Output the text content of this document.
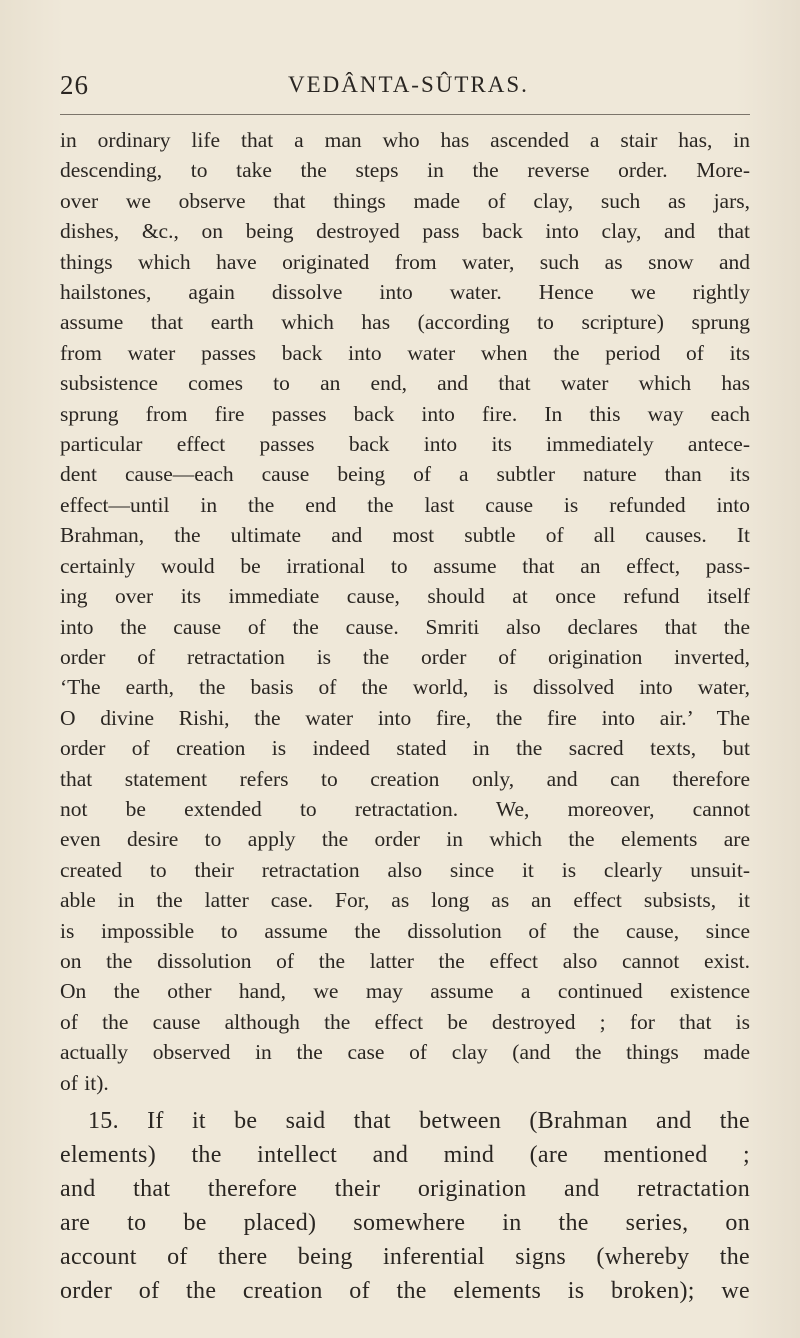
26	VEDÂNTA-SÛTRAS.

in ordinary life that a man who has ascended a stair has, in
descending, to take the steps in the reverse order. More-
over we observe that things made of clay, such as jars,
dishes, &c., on being destroyed pass back into clay, and that
things which have originated from water, such as snow and
hailstones, again dissolve into water. Hence we rightly
assume that earth which has (according to scripture) sprung
from water passes back into water when the period of its
subsistence comes to an end, and that water which has
sprung from fire passes back into fire. In this way each
particular effect passes back into its immediately antece-
dent cause—each cause being of a subtler nature than its
effect—until in the end the last cause is refunded into
Brahman, the ultimate and most subtle of all causes. It
certainly would be irrational to assume that an effect, pass-
ing over its immediate cause, should at once refund itself
into the cause of the cause. Smriti also declares that the
order of retractation is the order of origination inverted,
‘The earth, the basis of the world, is dissolved into water,
O divine Rishi, the water into fire, the fire into air.’ The
order of creation is indeed stated in the sacred texts, but
that statement refers to creation only, and can therefore
not be extended to retractation. We, moreover, cannot
even desire to apply the order in which the elements are
created to their retractation also since it is clearly unsuit-
able in the latter case. For, as long as an effect subsists, it
is impossible to assume the dissolution of the cause, since
on the dissolution of the latter the effect also cannot exist.
On the other hand, we may assume a continued existence
of the cause although the effect be destroyed ; for that is
actually observed in the case of clay (and the things made
of it).

15. If it be said that between (Brahman and the
elements) the intellect and mind (are mentioned ;
and that therefore their origination and retractation
are to be placed) somewhere in the series, on
account of there being inferential signs (whereby the
order of the creation of the elements is broken); we
